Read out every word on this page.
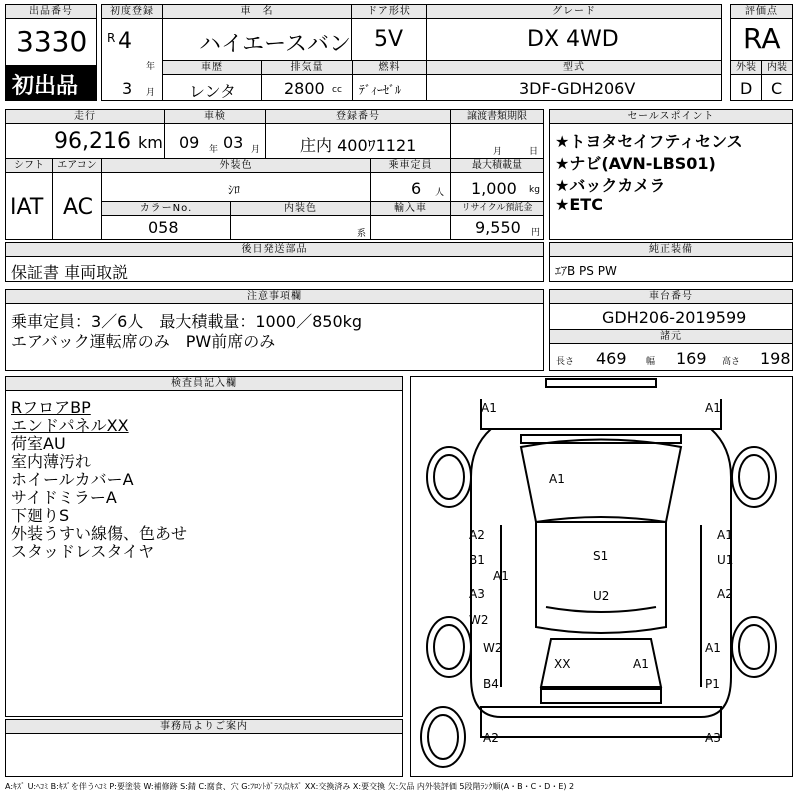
出品番号
3330
初出品
初度登録
R 4
年
3 月
車　名
ハイエースバン
ドア形状
5V
グレード
DX 4WD
評価点
RA
車歴
レンタ
排気量
2800 cc
燃料
ﾃﾞｨｰｾﾞﾙ
型式
3DF-GDH206V
外装
D
内装
C
走行
96,216 km
車検
09 年 03 月
登録番号
庄内 400ﾜ1121
譲渡書類期限
月	日
シフト
IAT
エアコン
AC
外装色
ｼﾛ
乗車定員
6 人
最大積載量
1,000 kg
カラーNo.
058
内装色
系
輸入車	リサイクル預託金
9,550 円
セールスポイント
★トヨタセイフティセンス
★ナビ(AVN-LBS01)
★バックカメラ
★ETC
後日発送部品
保証書 車両取説
純正装備
ｴｱB PS PW
注意事項欄
乗車定員：3／6人　最大積載量：1000／850kg
エアバック運転席のみ　PW前席のみ
車台番号
GDH206-2019599
諸元
長さ 469 幅 169 高さ 198
検査員記入欄
RフロアBP
エンドパネルXX
荷室AU
室内薄汚れ
ホイールカバーA
サイドミラーA
下廻りS
外装うすい線傷、色あせ
スタッドレスタイヤ
事務局よりご案内
A1	A1
A1
A2
B1
A1
A3
W2
W2
B4
A1
U1
A2
A1
P1
S1
U2
XX	A1
A2	A3
A:ｷｽﾞ U:ﾍｺﾐ B:ｷｽﾞを伴うﾍｺﾐ P:要塗装 W:補修跡 S:錆 C:腐食、穴 G:ﾌﾛﾝﾄｶﾞﾗｽ点ｷｽﾞ XX:交換済み X:要交換 欠:欠品 内外装評価 5段階ﾗﾝｸ順(A・B・C・D・E) 2
